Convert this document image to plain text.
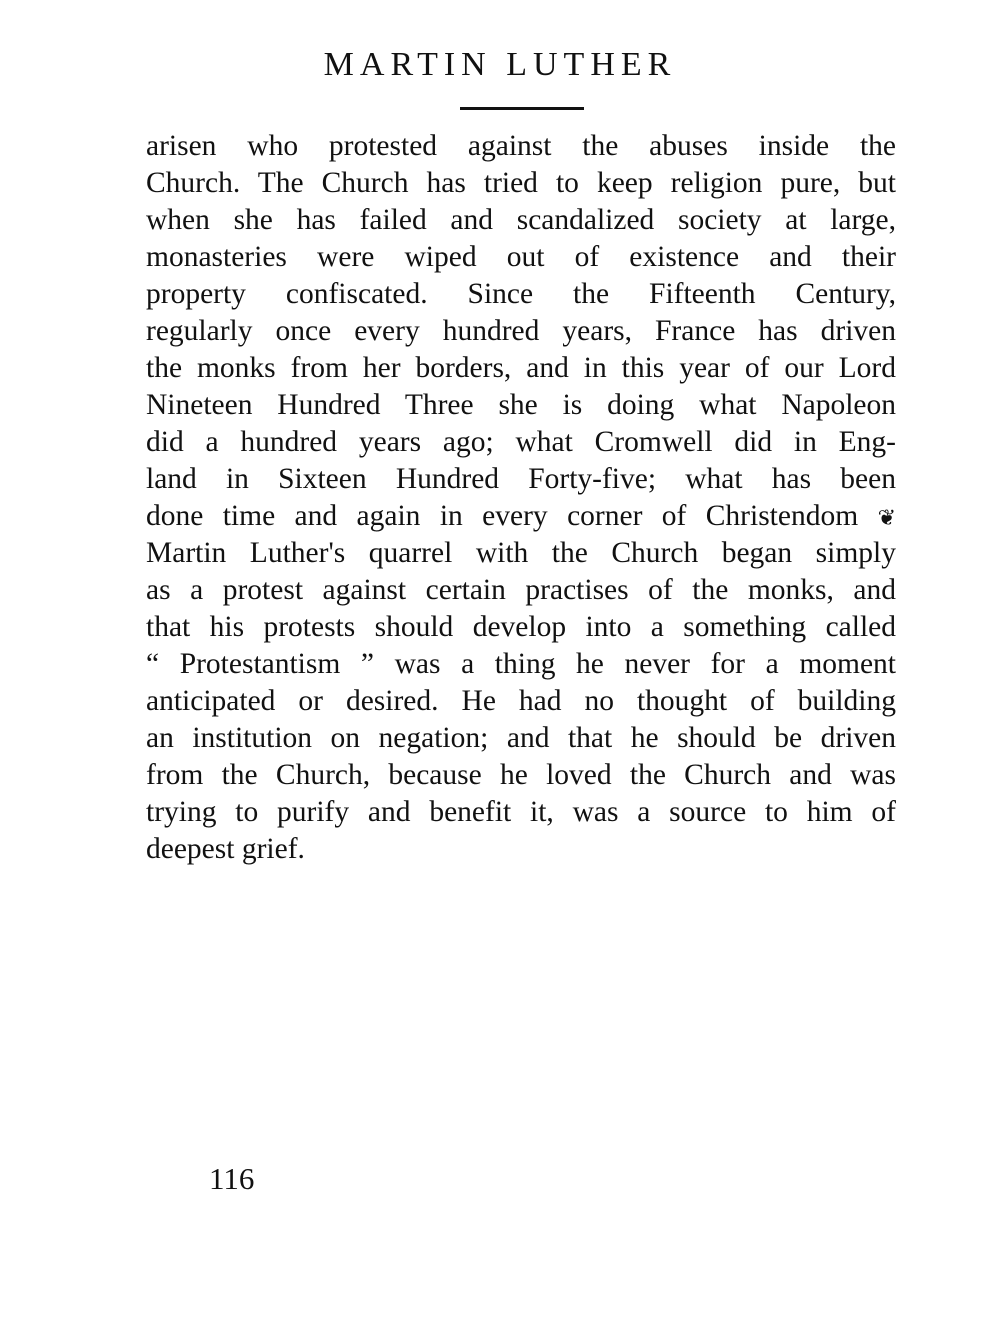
MARTIN LUTHER
arisen who protested against the abuses inside the
Church. The Church has tried to keep religion pure, but
when she has failed and scandalized society at large,
monasteries were wiped out of existence and their
property confiscated. Since the Fifteenth Century,
regularly once every hundred years, France has driven
the monks from her borders, and in this year of our Lord
Nineteen Hundred Three she is doing what Napoleon
did a hundred years ago; what Cromwell did in Eng-
land in Sixteen Hundred Forty-five; what has been
done time and again in every corner of Christendom ❦
Martin Luther's quarrel with the Church began simply
as a protest against certain practises of the monks, and
that his protests should develop into a something called
“ Protestantism ” was a thing he never for a moment
anticipated or desired. He had no thought of building
an institution on negation; and that he should be driven
from the Church, because he loved the Church and was
trying to purify and benefit it, was a source to him of
deepest grief.
116
